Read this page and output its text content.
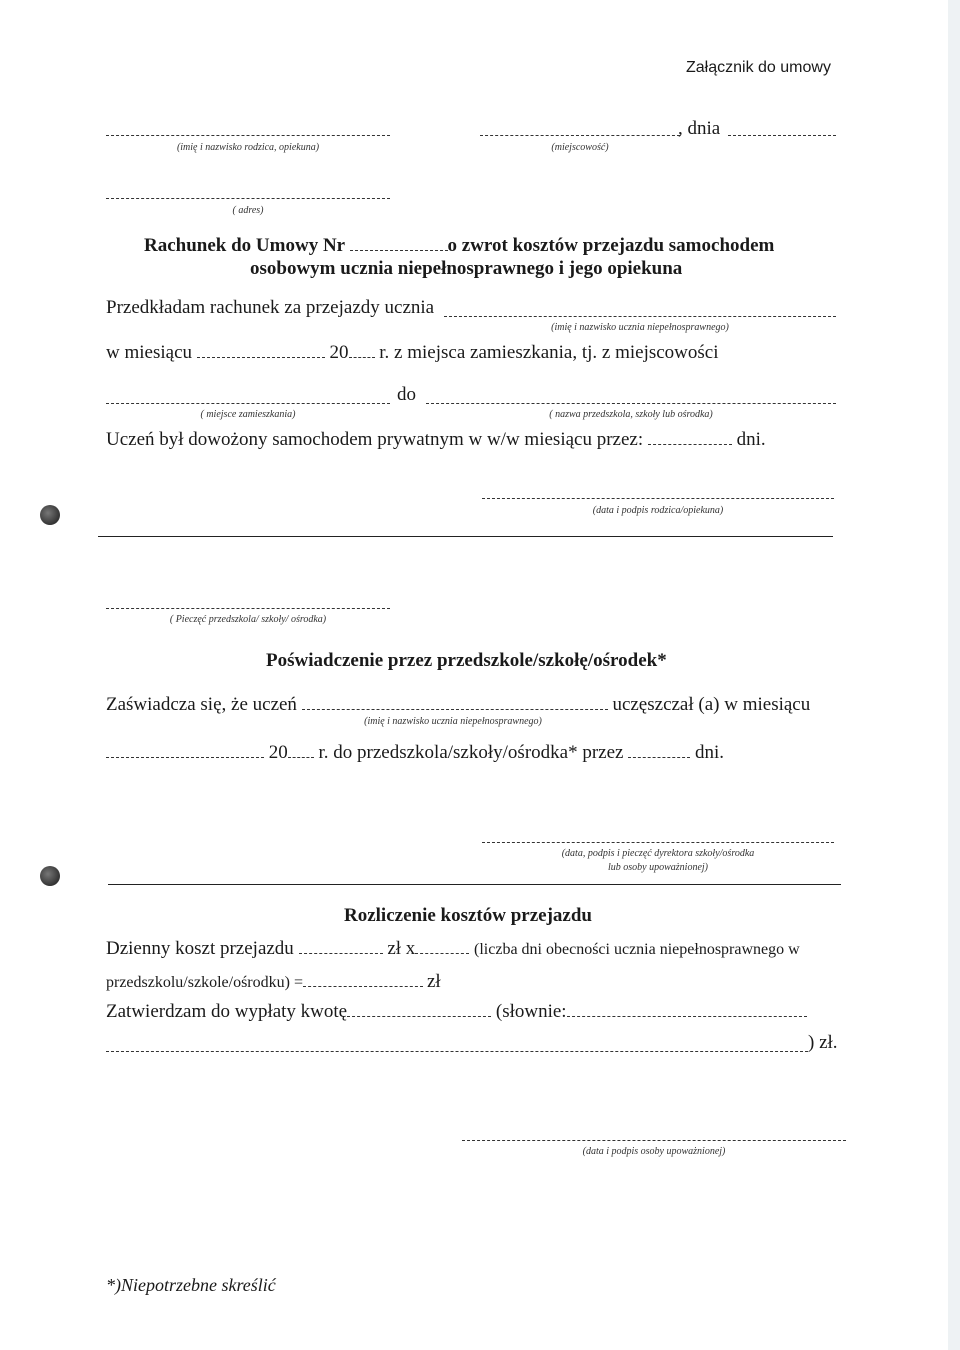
Załącznik do umowy
(imię i nazwisko rodzica, opiekuna)
, dnia
(miejscowość)
( adres)
Rachunek do Umowy Nr	o zwrot kosztów przejazdu samochodem
osobowym ucznia niepełnosprawnego i jego opiekuna
Przedkładam rachunek za przejazdy ucznia
(imię i nazwisko ucznia niepełnosprawnego)
w miesiącu	20 r. z miejsca zamieszkania, tj. z miejscowości
do
( miejsce zamieszkania)	( nazwa przedszkola, szkoły lub ośrodka)
Uczeń był dowożony samochodem prywatnym w w/w miesiącu przez:	dni.
(data i podpis rodzica/opiekuna)
( Pieczęć przedszkola/ szkoły/ ośrodka)
Poświadczenie przez przedszkole/szkołę/ośrodek*
Zaświadcza się, że uczeń	uczęszczał (a) w miesiącu
(imię i nazwisko ucznia niepełnosprawnego)
20 r. do przedszkola/szkoły/ośrodka* przez	dni.
(data, podpis i pieczęć dyrektora szkoły/ośrodka
lub osoby upoważnionej)
Rozliczenie kosztów przejazdu
Dzienny koszt przejazdu	zł x	(liczba dni obecności ucznia niepełnosprawnego w
przedszkolu/szkole/ośrodku) =	zł
Zatwierdzam do wypłaty kwotę	(słownie:
) zł.
(data i podpis osoby upoważnionej)
*)Niepotrzebne skreślić
